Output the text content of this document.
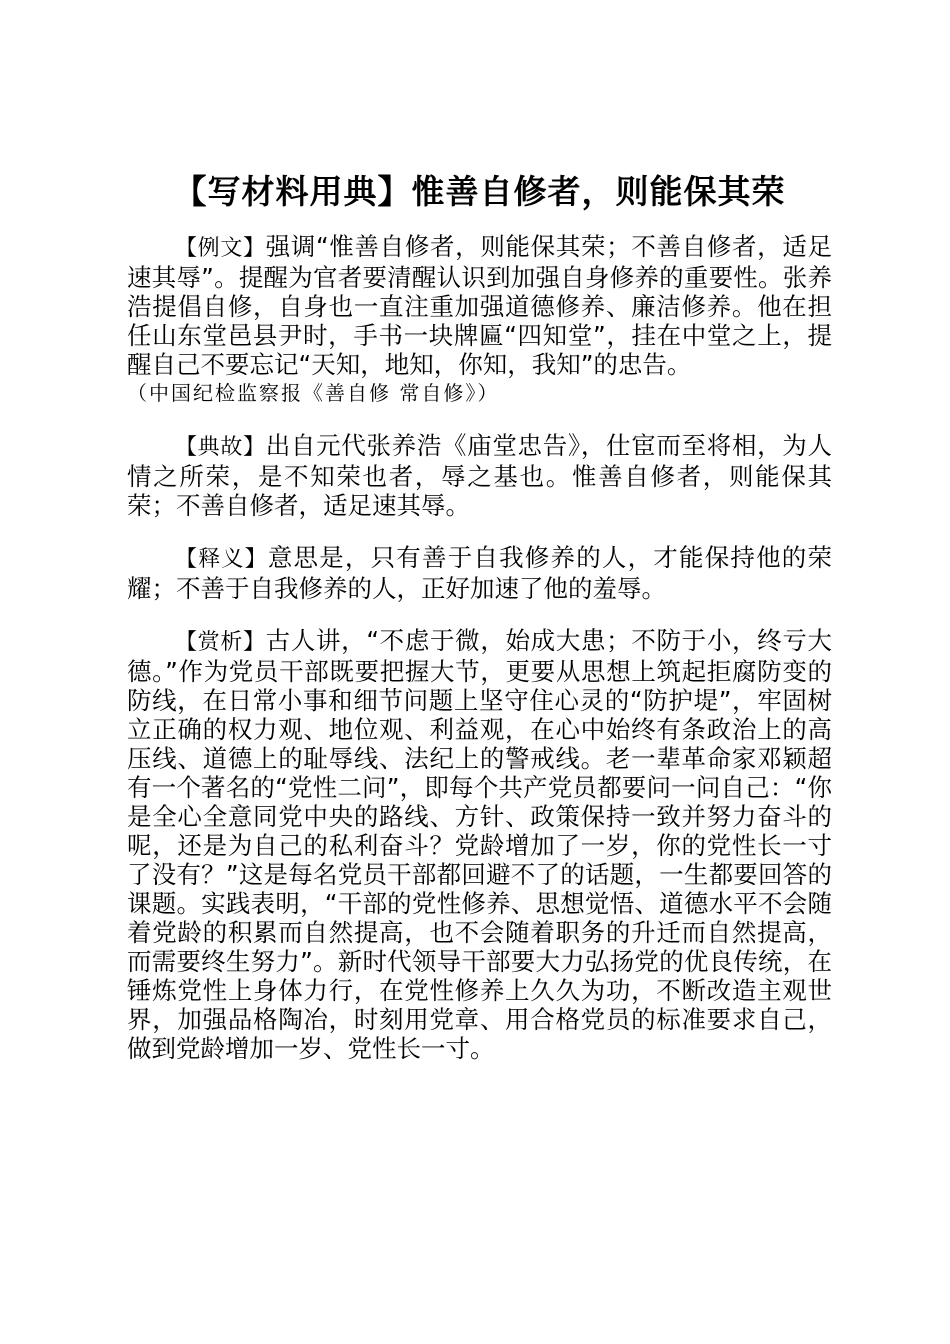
【写材料用典】惟善自修者，则能保其荣

【例文】强调“惟善自修者，则能保其荣；不善自修者，适足速其辱”。提醒为官者要清醒认识到加强自身修养的重要性。张养浩提倡自修，自身也一直注重加强道德修养、廉洁修养。他在担任山东堂邑县尹时，手书一块牌匾“四知堂”，挂在中堂之上，提醒自己不要忘记“天知，地知，你知，我知”的忠告。

（中国纪检监察报《善自修 常自修》）

【典故】出自元代张养浩《庙堂忠告》，仕宦而至将相，为人情之所荣，是不知荣也者，辱之基也。惟善自修者，则能保其荣；不善自修者，适足速其辱。

【释义】意思是，只有善于自我修养的人，才能保持他的荣耀；不善于自我修养的人，正好加速了他的羞辱。

【赏析】古人讲，“不虑于微，始成大患；不防于小，终亏大德。”作为党员干部既要把握大节，更要从思想上筑起拒腐防变的防线，在日常小事和细节问题上坚守住心灵的“防护堤”，牢固树立正确的权力观、地位观、利益观，在心中始终有条政治上的高压线、道德上的耻辱线、法纪上的警戒线。老一辈革命家邓颖超有一个著名的“党性二问”，即每个共产党员都要问一问自己：“你是全心全意同党中央的路线、方针、政策保持一致并努力奋斗的呢，还是为自己的私利奋斗？党龄增加了一岁，你的党性长一寸了没有？”这是每名党员干部都回避不了的话题，一生都要回答的课题。实践表明，“干部的党性修养、思想觉悟、道德水平不会随着党龄的积累而自然提高，也不会随着职务的升迁而自然提高，而需要终生努力”。新时代领导干部要大力弘扬党的优良传统，在锤炼党性上身体力行，在党性修养上久久为功，不断改造主观世界，加强品格陶冶，时刻用党章、用合格党员的标准要求自己，做到党龄增加一岁、党性长一寸。
